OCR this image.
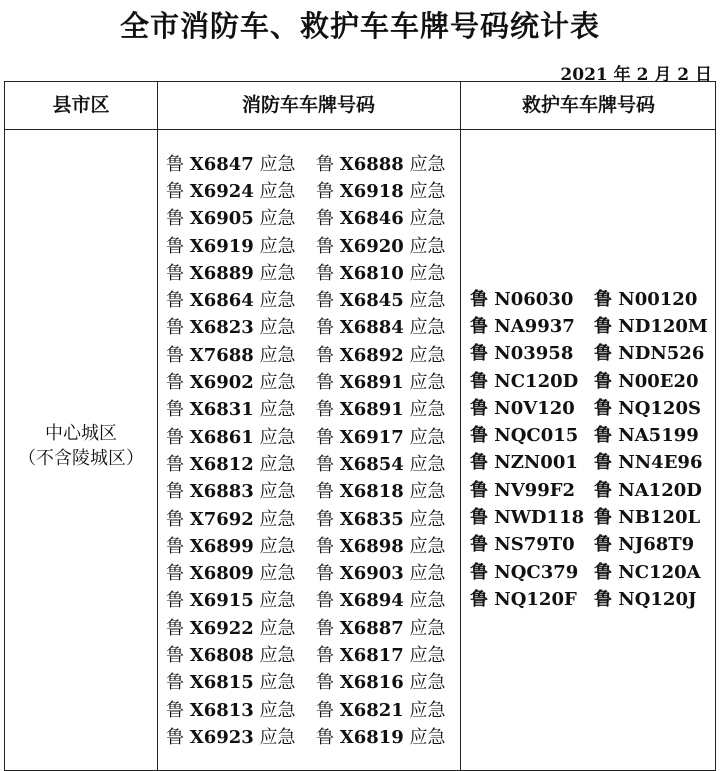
全市消防车、救护车车牌号码统计表
2021 年 2 月 2 日
县市区	消防车车牌号码	救护车车牌号码
中心城区
（不含陵城区）
鲁 X6847 应急	鲁 X6888 应急
鲁 X6924 应急	鲁 X6918 应急
鲁 X6905 应急	鲁 X6846 应急
鲁 X6919 应急	鲁 X6920 应急
鲁 X6889 应急	鲁 X6810 应急
鲁 X6864 应急	鲁 X6845 应急
鲁 X6823 应急	鲁 X6884 应急
鲁 X7688 应急	鲁 X6892 应急
鲁 X6902 应急	鲁 X6891 应急
鲁 X6831 应急	鲁 X6891 应急
鲁 X6861 应急	鲁 X6917 应急
鲁 X6812 应急	鲁 X6854 应急
鲁 X6883 应急	鲁 X6818 应急
鲁 X7692 应急	鲁 X6835 应急
鲁 X6899 应急	鲁 X6898 应急
鲁 X6809 应急	鲁 X6903 应急
鲁 X6915 应急	鲁 X6894 应急
鲁 X6922 应急	鲁 X6887 应急
鲁 X6808 应急	鲁 X6817 应急
鲁 X6815 应急	鲁 X6816 应急
鲁 X6813 应急	鲁 X6821 应急
鲁 X6923 应急	鲁 X6819 应急
鲁 N06030	鲁 N00120
鲁 NA9937	鲁 ND120M
鲁 N03958	鲁 NDN526
鲁 NC120D 鲁 N00E20
鲁 N0V120	鲁 NQ120S
鲁 NQC015 鲁 NA5199
鲁 NZN001 鲁 NN4E96
鲁 NV99F2	鲁 NA120D
鲁 NWD118 鲁 NB120L
鲁 NS79T0	鲁 NJ68T9
鲁 NQC379 鲁 NC120A
鲁 NQ120F 鲁 NQ120J
